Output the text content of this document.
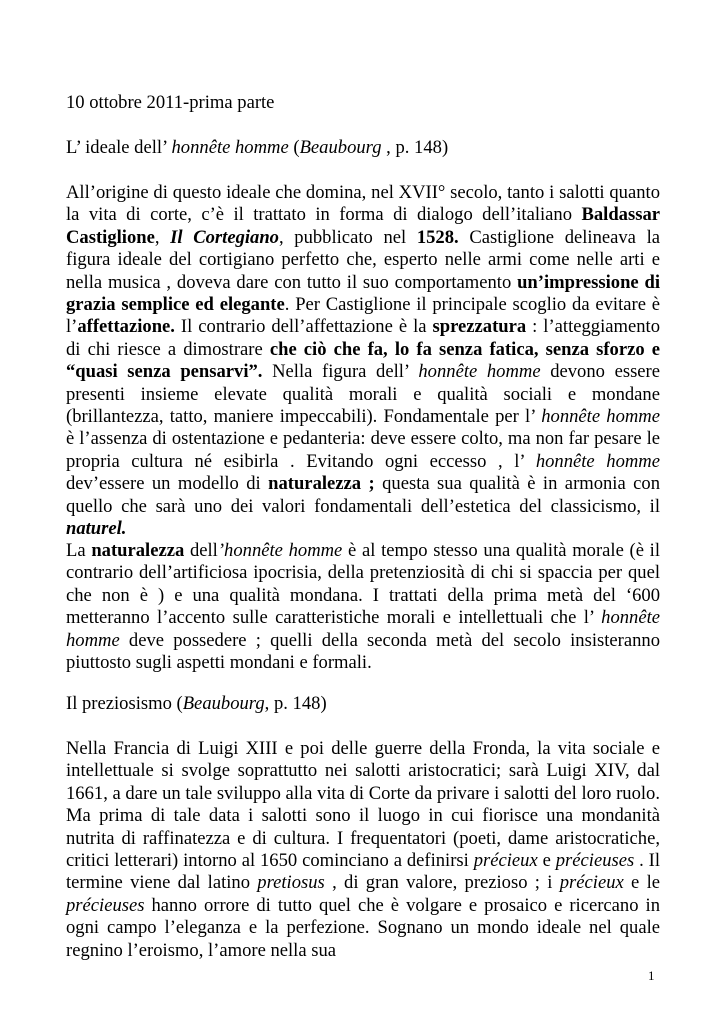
10 ottobre 2011-prima parte

L’ ideale dell’ honnête homme (Beaubourg , p. 148)

All’origine di questo ideale che domina, nel XVII° secolo, tanto i salotti quanto la vita di corte, c’è il trattato in forma di dialogo dell’italiano Baldassar Castiglione, Il Cortegiano, pubblicato nel 1528. Castiglione delineava la figura ideale del cortigiano perfetto che, esperto nelle armi come nelle arti e nella musica , doveva dare con tutto il suo comportamento un’impressione di grazia semplice ed elegante. Per Castiglione il principale scoglio da evitare è l’affettazione. Il contrario dell’affettazione è la sprezzatura : l’atteggiamento di chi riesce a dimostrare che ciò che fa, lo fa senza fatica, senza sforzo e “quasi senza pensarvi”. Nella figura dell’ honnête homme devono essere presenti insieme elevate qualità morali e qualità sociali e mondane (brillantezza, tatto, maniere impeccabili). Fondamentale per l’ honnête homme è l’assenza di ostentazione e pedanteria: deve essere colto, ma non far pesare le propria cultura né esibirla . Evitando ogni eccesso , l’ honnête homme dev’essere un modello di naturalezza ; questa sua qualità è in armonia con quello che sarà uno dei valori fondamentali dell’estetica del classicismo, il naturel.

La naturalezza dell’honnête homme è al tempo stesso una qualità morale (è il contrario dell’artificiosa ipocrisia, della pretenziosità di chi si spaccia per quel che non è ) e una qualità mondana. I trattati della prima metà del ‘600 metteranno l’accento sulle caratteristiche morali e intellettuali che l’ honnête homme deve possedere ; quelli della seconda metà del secolo insisteranno piuttosto sugli aspetti mondani e formali.

Il preziosismo (Beaubourg, p. 148)

Nella Francia di Luigi XIII e poi delle guerre della Fronda, la vita sociale e intellettuale si svolge soprattutto nei salotti aristocratici; sarà Luigi XIV, dal 1661, a dare un tale sviluppo alla vita di Corte da privare i salotti del loro ruolo. Ma prima di tale data i salotti sono il luogo in cui fiorisce una mondanità nutrita di raffinatezza e di cultura. I frequentatori (poeti, dame aristocratiche, critici letterari) intorno al 1650 cominciano a definirsi précieux e précieuses . Il termine viene dal latino pretiosus , di gran valore, prezioso ; i précieux e le précieuses hanno orrore di tutto quel che è volgare e prosaico e ricercano in ogni campo l’eleganza e la perfezione. Sognano un mondo ideale nel quale regnino l’eroismo, l’amore nella sua

1
